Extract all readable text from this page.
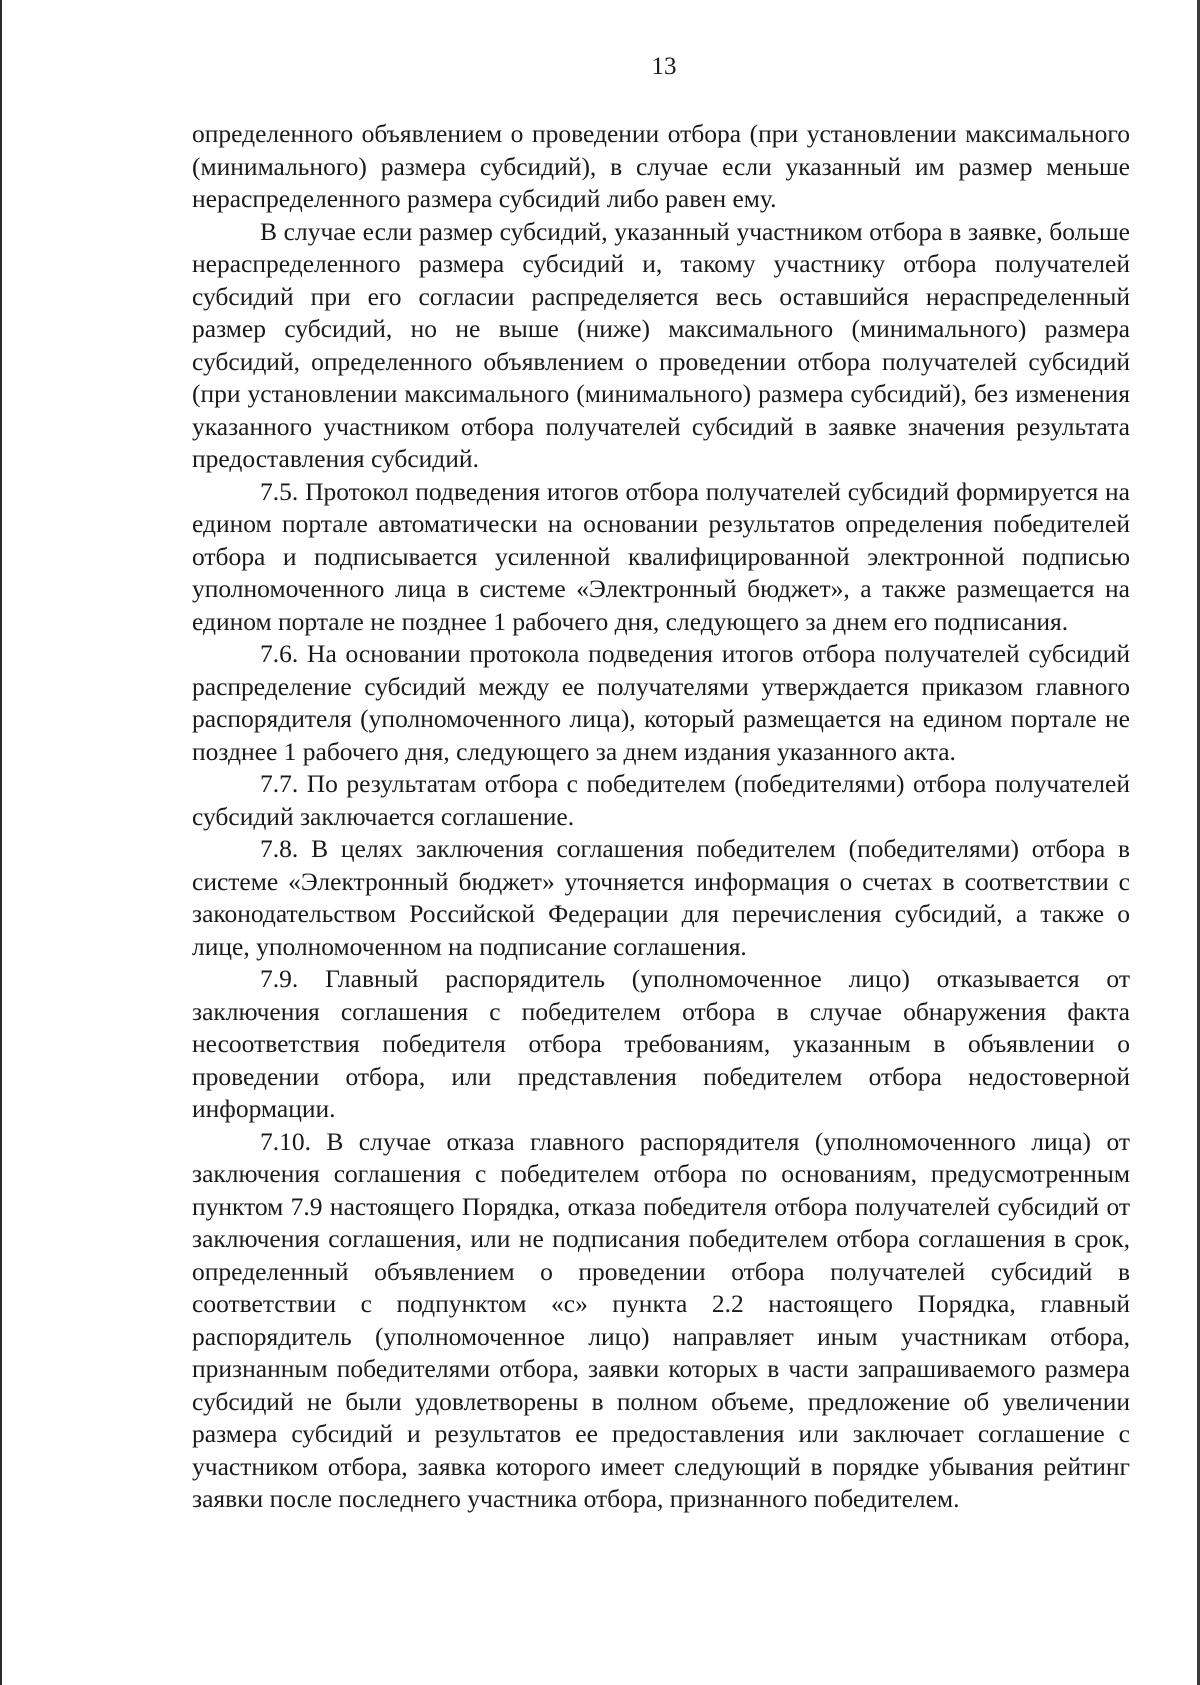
13

определенного объявлением о проведении отбора (при установлении максимального (минимального) размера субсидий), в случае если указанный им размер меньше нераспределенного размера субсидий либо равен ему.

В случае если размер субсидий, указанный участником отбора в заявке, больше нераспределенного размера субсидий и, такому участнику отбора получателей субсидий при его согласии распределяется весь оставшийся нераспределенный размер субсидий, но не выше (ниже) максимального (минимального) размера субсидий, определенного объявлением о проведении отбора получателей субсидий (при установлении максимального (минимального) размера субсидий), без изменения указанного участником отбора получателей субсидий в заявке значения результата предоставления субсидий.

7.5. Протокол подведения итогов отбора получателей субсидий формируется на едином портале автоматически на основании результатов определения победителей отбора и подписывается усиленной квалифицированной электронной подписью уполномоченного лица в системе «Электронный бюджет», а также размещается на едином портале не позднее 1 рабочего дня, следующего за днем его подписания.

7.6. На основании протокола подведения итогов отбора получателей субсидий распределение субсидий между ее получателями утверждается приказом главного распорядителя (уполномоченного лица), который размещается на едином портале не позднее 1 рабочего дня, следующего за днем издания указанного акта.

7.7. По результатам отбора с победителем (победителями) отбора получателей субсидий заключается соглашение.

7.8. В целях заключения соглашения победителем (победителями) отбора в системе «Электронный бюджет» уточняется информация о счетах в соответствии с законодательством Российской Федерации для перечисления субсидий, а также о лице, уполномоченном на подписание соглашения.

7.9. Главный распорядитель (уполномоченное лицо) отказывается от заключения соглашения с победителем отбора в случае обнаружения факта несоответствия победителя отбора требованиям, указанным в объявлении о проведении отбора, или представления победителем отбора недостоверной информации.

7.10. В случае отказа главного распорядителя (уполномоченного лица) от заключения соглашения с победителем отбора по основаниям, предусмотренным пунктом 7.9 настоящего Порядка, отказа победителя отбора получателей субсидий от заключения соглашения, или не подписания победителем отбора соглашения в срок, определенный объявлением о проведении отбора получателей субсидий в соответствии с подпунктом «с» пункта 2.2 настоящего Порядка, главный распорядитель (уполномоченное лицо) направляет иным участникам отбора, признанным победителями отбора, заявки которых в части запрашиваемого размера субсидий не были удовлетворены в полном объеме, предложение об увеличении размера субсидий и результатов ее предоставления или заключает соглашение с участником отбора, заявка которого имеет следующий в порядке убывания рейтинг заявки после последнего участника отбора, признанного победителем.
